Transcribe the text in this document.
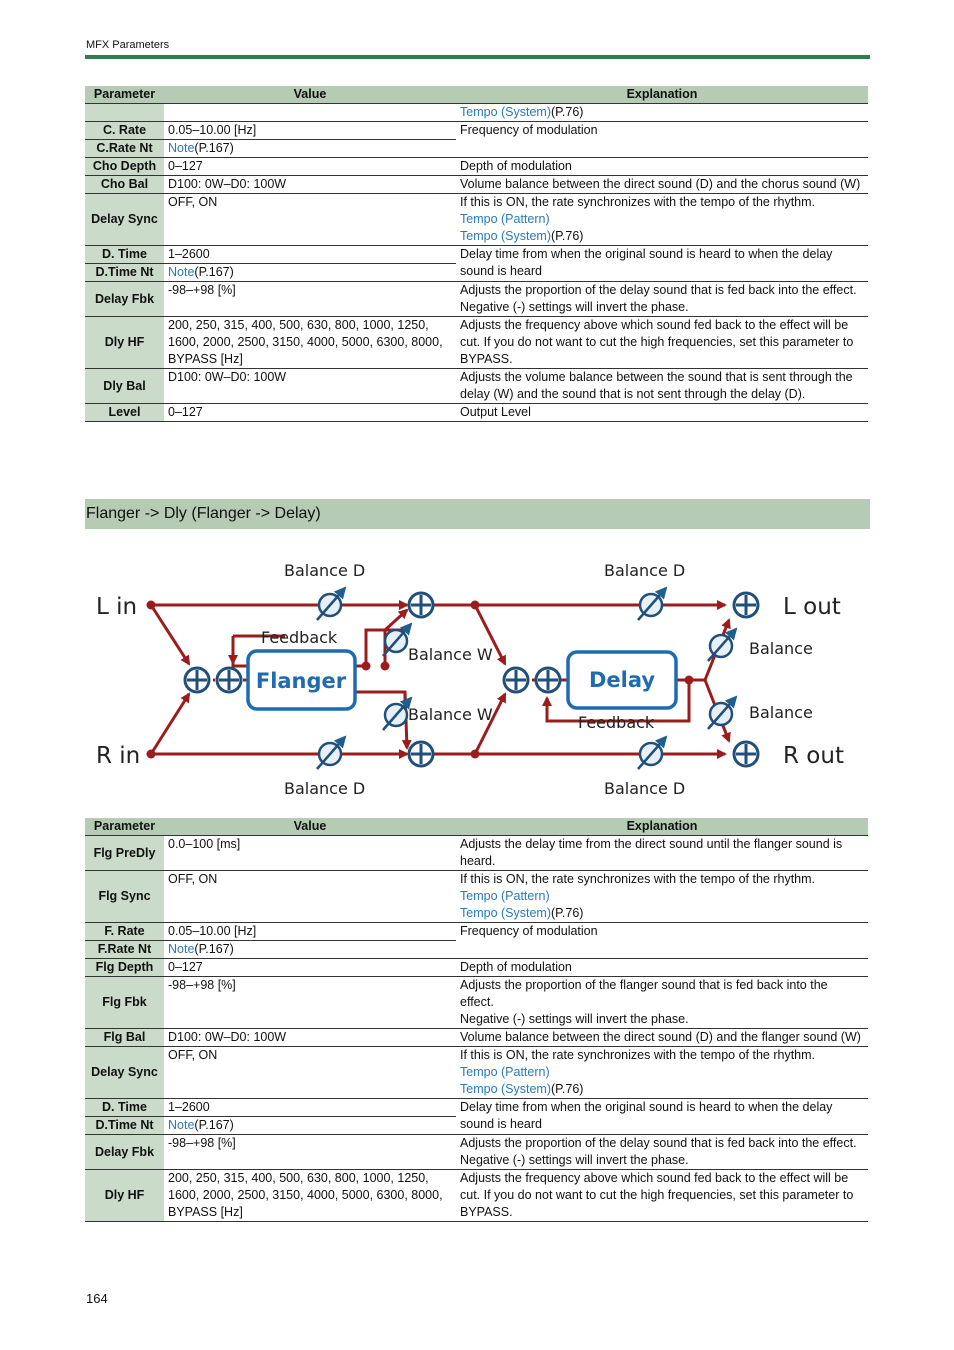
MFX Parameters
Parameter	Value	Explanation
		Tempo (System)(P.76)
C. Rate	0.05–10.00 [Hz]	Frequency of modulation
C.Rate Nt	Note(P.167)	
Cho Depth	0–127	Depth of modulation
Cho Bal	D100: 0W–D0: 100W	Volume balance between the direct sound (D) and the chorus sound (W)
Delay Sync	OFF, ON	If this is ON, the rate synchronizes with the tempo of the rhythm.
Tempo (Pattern)
Tempo (System)(P.76)
D. Time	1–2600	Delay time from when the original sound is heard to when the delay sound is heard
D.Time Nt	Note(P.167)	
Delay Fbk	-98–+98 [%]	Adjusts the proportion of the delay sound that is fed back into the effect.
Negative (-) settings will invert the phase.
Dly HF	200, 250, 315, 400, 500, 630, 800, 1000, 1250, 1600, 2000, 2500, 3150, 4000, 5000, 6300, 8000, BYPASS [Hz]	Adjusts the frequency above which sound fed back to the effect will be cut. If you do not want to cut the high frequencies, set this parameter to BYPASS.
Dly Bal	D100: 0W–D0: 100W	Adjusts the volume balance between the sound that is sent through the delay (W) and the sound that is not sent through the delay (D).
Level	0–127	Output Level
Flanger -> Dly (Flanger -> Delay)
Flanger	Delay
L in
R in
L out
R out
Balance D
Balance D
Balance D
Balance D
Balance W
Balance W
Feedback
Feedback
Balance
Balance
Parameter	Value	Explanation
Flg PreDly	0.0–100 [ms]	Adjusts the delay time from the direct sound until the flanger sound is heard.
Flg Sync	OFF, ON	If this is ON, the rate synchronizes with the tempo of the rhythm.
Tempo (Pattern)
Tempo (System)(P.76)
F. Rate	0.05–10.00 [Hz]	Frequency of modulation
F.Rate Nt	Note(P.167)	
Flg Depth	0–127	Depth of modulation
Flg Fbk	-98–+98 [%]	Adjusts the proportion of the flanger sound that is fed back into the effect.
Negative (-) settings will invert the phase.
Flg Bal	D100: 0W–D0: 100W	Volume balance between the direct sound (D) and the flanger sound (W)
Delay Sync	OFF, ON	If this is ON, the rate synchronizes with the tempo of the rhythm.
Tempo (Pattern)
Tempo (System)(P.76)
D. Time	1–2600	Delay time from when the original sound is heard to when the delay sound is heard
D.Time Nt	Note(P.167)	
Delay Fbk	-98–+98 [%]	Adjusts the proportion of the delay sound that is fed back into the effect.
Negative (-) settings will invert the phase.
Dly HF	200, 250, 315, 400, 500, 630, 800, 1000, 1250, 1600, 2000, 2500, 3150, 4000, 5000, 6300, 8000, BYPASS [Hz]	Adjusts the frequency above which sound fed back to the effect will be cut. If you do not want to cut the high frequencies, set this parameter to BYPASS.
164
